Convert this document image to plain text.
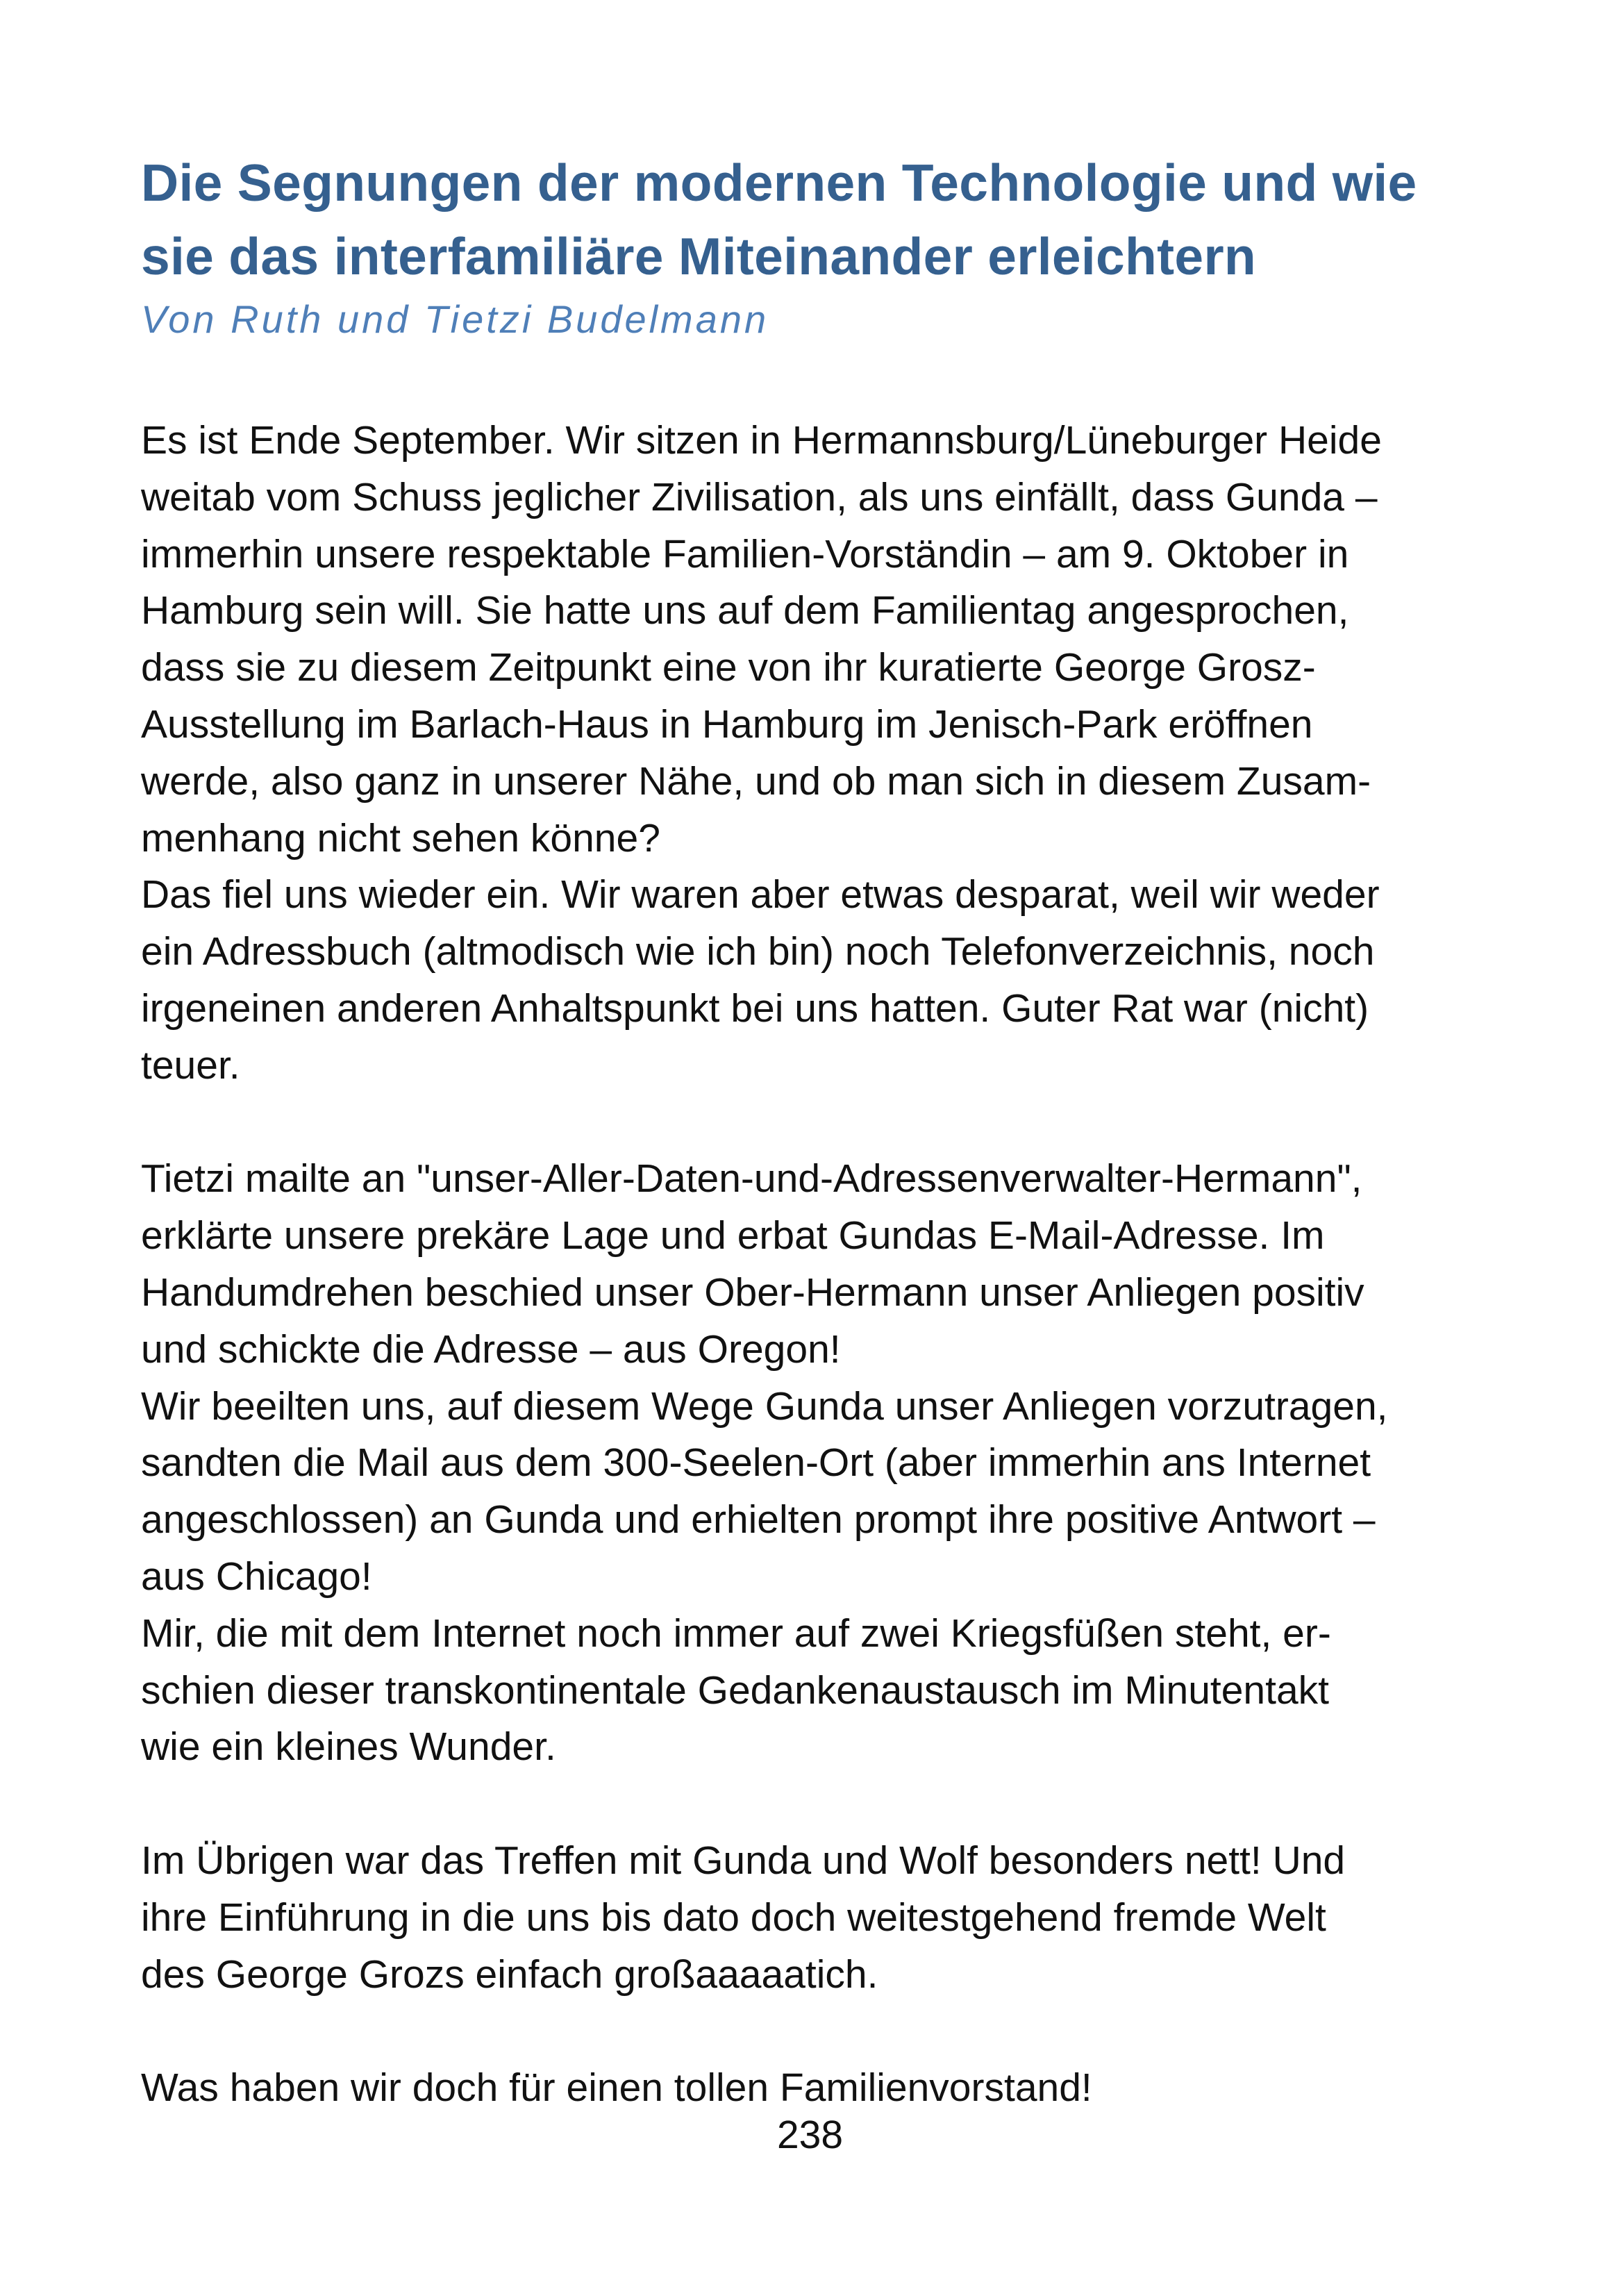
Die Segnungen der modernen Technologie und wie
sie das interfamiliäre Miteinander erleichtern

Von Ruth und Tietzi Budelmann

Es ist Ende September. Wir sitzen in Hermannsburg/Lüneburger Heide
weitab vom Schuss jeglicher Zivilisation, als uns einfällt, dass Gunda –
immerhin unsere respektable Familien-Vorständin – am 9. Oktober in
Hamburg sein will. Sie hatte uns auf dem Familientag angesprochen,
dass sie zu diesem Zeitpunkt eine von ihr kuratierte George Grosz-
Ausstellung im Barlach-Haus in Hamburg im Jenisch-Park eröffnen
werde, also ganz in unserer Nähe, und ob man sich in diesem Zusam-
menhang nicht sehen könne?
Das fiel uns wieder ein. Wir waren aber etwas desparat, weil wir weder
ein Adressbuch (altmodisch wie ich bin) noch Telefonverzeichnis, noch
irgeneinen anderen Anhaltspunkt bei uns hatten. Guter Rat war (nicht)
teuer.
Tietzi mailte an "unser-Aller-Daten-und-Adressenverwalter-Hermann",
erklärte unsere prekäre Lage und erbat Gundas E-Mail-Adresse. Im
Handumdrehen beschied unser Ober-Hermann unser Anliegen positiv
und schickte die Adresse – aus Oregon!
Wir beeilten uns, auf diesem Wege Gunda unser Anliegen vorzutragen,
sandten die Mail aus dem 300-Seelen-Ort (aber immerhin ans Internet
angeschlossen) an Gunda und erhielten prompt ihre positive Antwort –
aus Chicago!
Mir, die mit dem Internet noch immer auf zwei Kriegsfüßen steht, er-
schien dieser transkontinentale Gedankenaustausch im Minutentakt
wie ein kleines Wunder.
Im Übrigen war das Treffen mit Gunda und Wolf besonders nett! Und
ihre Einführung in die uns bis dato doch weitestgehend fremde Welt
des George Grozs einfach großaaaaatich.
Was haben wir doch für einen tollen Familienvorstand!
238
